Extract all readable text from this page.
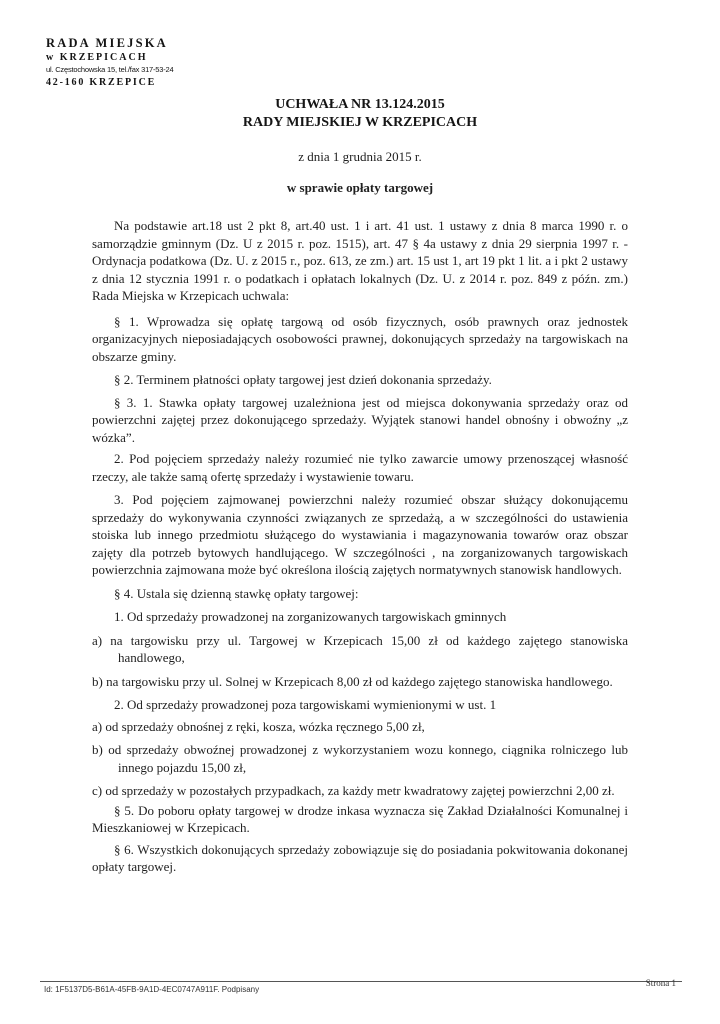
RADA MIEJSKA
w KRZEPICACH
ul. Częstochowska 15, tel./fax 317-53-24
42-160 KRZEPICE

UCHWAŁA NR 13.124.2015

RADY MIEJSKIEJ W KRZEPICACH

z dnia 1 grudnia 2015 r.

w sprawie opłaty targowej

Na podstawie art.18 ust 2 pkt 8, art.40 ust. 1 i art. 41 ust. 1 ustawy z dnia 8 marca 1990 r. o samorządzie gminnym (Dz. U z 2015 r. poz. 1515), art. 47 § 4a ustawy z dnia 29 sierpnia 1997 r. - Ordynacja podatkowa (Dz. U. z 2015 r., poz. 613, ze zm.) art. 15 ust 1, art 19 pkt 1 lit. a i pkt 2 ustawy z dnia 12 stycznia 1991 r. o podatkach i opłatach lokalnych (Dz. U. z 2014 r. poz. 849 z późn. zm.) Rada Miejska w Krzepicach uchwala:

§ 1. Wprowadza się opłatę targową od osób fizycznych, osób prawnych oraz jednostek organizacyjnych nieposiadających osobowości prawnej, dokonujących sprzedaży na targowiskach na obszarze gminy.

§ 2. Terminem płatności opłaty targowej jest dzień dokonania sprzedaży.

§ 3. 1. Stawka opłaty targowej uzależniona jest od miejsca dokonywania sprzedaży oraz od powierzchni zajętej przez dokonującego sprzedaży. Wyjątek stanowi handel obnośny i obwoźny „z wózka”.

2. Pod pojęciem sprzedaży należy rozumieć nie tylko zawarcie umowy przenoszącej własność rzeczy, ale także samą ofertę sprzedaży i wystawienie towaru.

3. Pod pojęciem zajmowanej powierzchni należy rozumieć obszar służący dokonującemu sprzedaży do wykonywania czynności związanych ze sprzedażą, a w szczególności do ustawienia stoiska lub innego przedmiotu służącego do wystawiania i magazynowania towarów oraz obszar zajęty dla potrzeb bytowych handlującego. W szczególności , na zorganizowanych targowiskach powierzchnia zajmowana może być określona ilością zajętych normatywnych stanowisk handlowych.

§ 4. Ustala się dzienną stawkę opłaty targowej:

1. Od sprzedaży prowadzonej na zorganizowanych targowiskach gminnych

a) na targowisku przy ul. Targowej w Krzepicach 15,00 zł od każdego zajętego stanowiska handlowego,

b) na targowisku przy ul. Solnej w Krzepicach 8,00 zł od każdego zajętego stanowiska handlowego.

2. Od sprzedaży prowadzonej poza targowiskami wymienionymi w ust. 1

a) od sprzedaży obnośnej z ręki, kosza, wózka ręcznego 5,00 zł,

b) od sprzedaży obwoźnej prowadzonej z wykorzystaniem wozu konnego, ciągnika rolniczego lub innego pojazdu 15,00 zł,

c) od sprzedaży w pozostałych przypadkach, za każdy metr kwadratowy zajętej powierzchni 2,00 zł.

§ 5. Do poboru opłaty targowej w drodze inkasa wyznacza się Zakład Działalności Komunalnej i Mieszkaniowej w Krzepicach.

§ 6. Wszystkich dokonujących sprzedaży zobowiązuje się do posiadania pokwitowania dokonanej opłaty targowej.

Id: 1F5137D5-B61A-45FB-9A1D-4EC0747A911F. Podpisany
Strona 1
